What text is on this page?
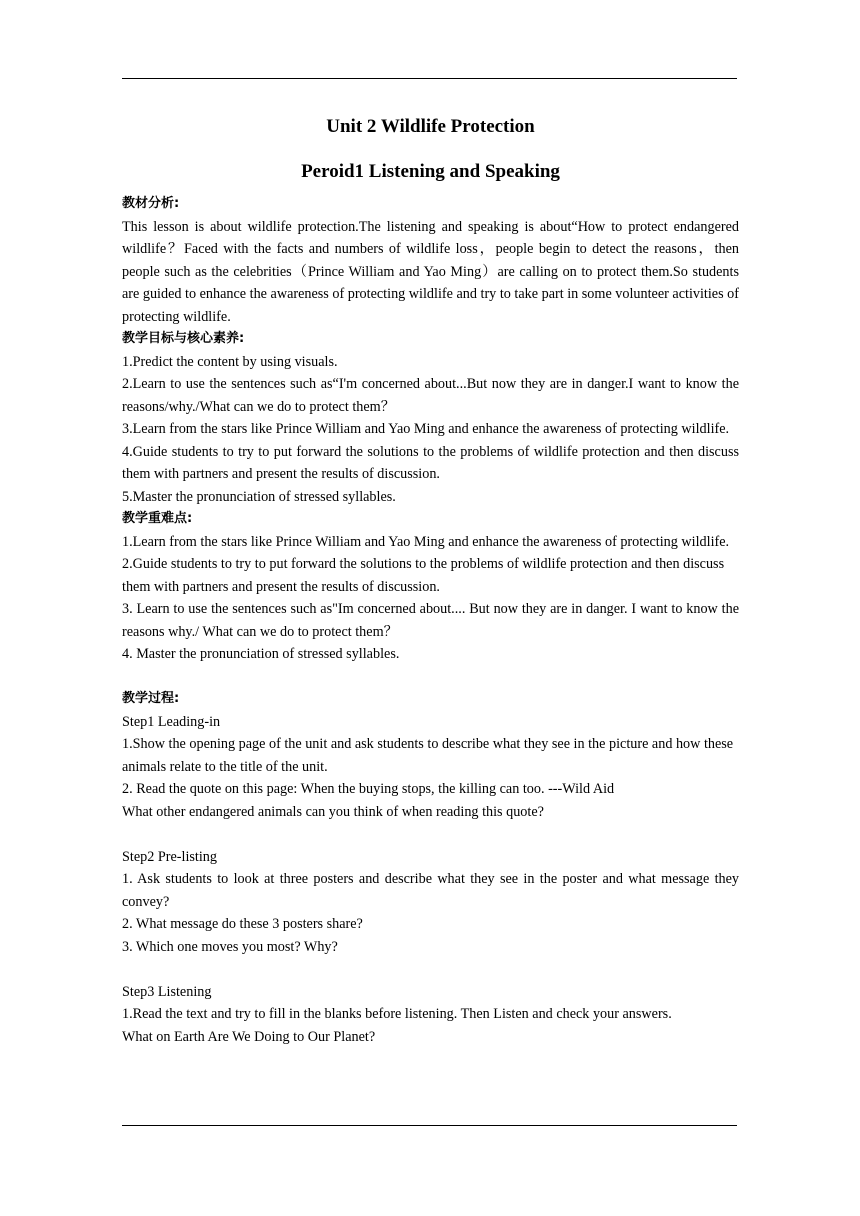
Unit 2 Wildlife Protection
Peroid1 Listening and Speaking
教材分析:

This lesson is about wildlife protection.The listening and speaking is about“How to protect endangered wildlife？Faced with the facts and numbers of wildlife loss，people begin to detect the reasons，then people such as the celebrities（Prince William and Yao Ming）are calling on to protect them.So students are guided to enhance the awareness of protecting wildlife and try to take part in some volunteer activities of protecting wildlife.

教学目标与核心素养:

1.Predict the content by using visuals.

2.Learn to use the sentences such as“I'm concerned about...But now they are in danger.I want to know the reasons/why./What can we do to protect them？

3.Learn from the stars like Prince William and Yao Ming and enhance the awareness of protecting wildlife.

4.Guide students to try to put forward the solutions to the problems of wildlife protection and then discuss them with partners and present the results of discussion.

5.Master the pronunciation of stressed syllables.

教学重难点:

1.Learn from the stars like Prince William and Yao Ming and enhance the awareness of protecting wildlife.

2.Guide students to try to put forward the solutions to the problems of wildlife protection and then discuss them with partners and present the results of discussion.

3. Learn to use the sentences such as"Im concerned about.... But now they are in danger. I want to know the reasons why./ What can we do to protect them？

4. Master the pronunciation of stressed syllables.

教学过程:

Step1 Leading-in

1.Show the opening page of the unit and ask students to describe what they see in the picture and how these animals relate to the title of the unit.

2. Read the quote on this page: When the buying stops, the killing can too. ---Wild Aid

What other endangered animals can you think of when reading this quote?

Step2 Pre-listing

1. Ask students to look at three posters and describe what they see in the poster and what message they convey?

2. What message do these 3 posters share?

3. Which one moves you most? Why?

Step3 Listening

1.Read the text and try to fill in the blanks before listening. Then Listen and check your answers.

What on Earth Are We Doing to Our Planet?
